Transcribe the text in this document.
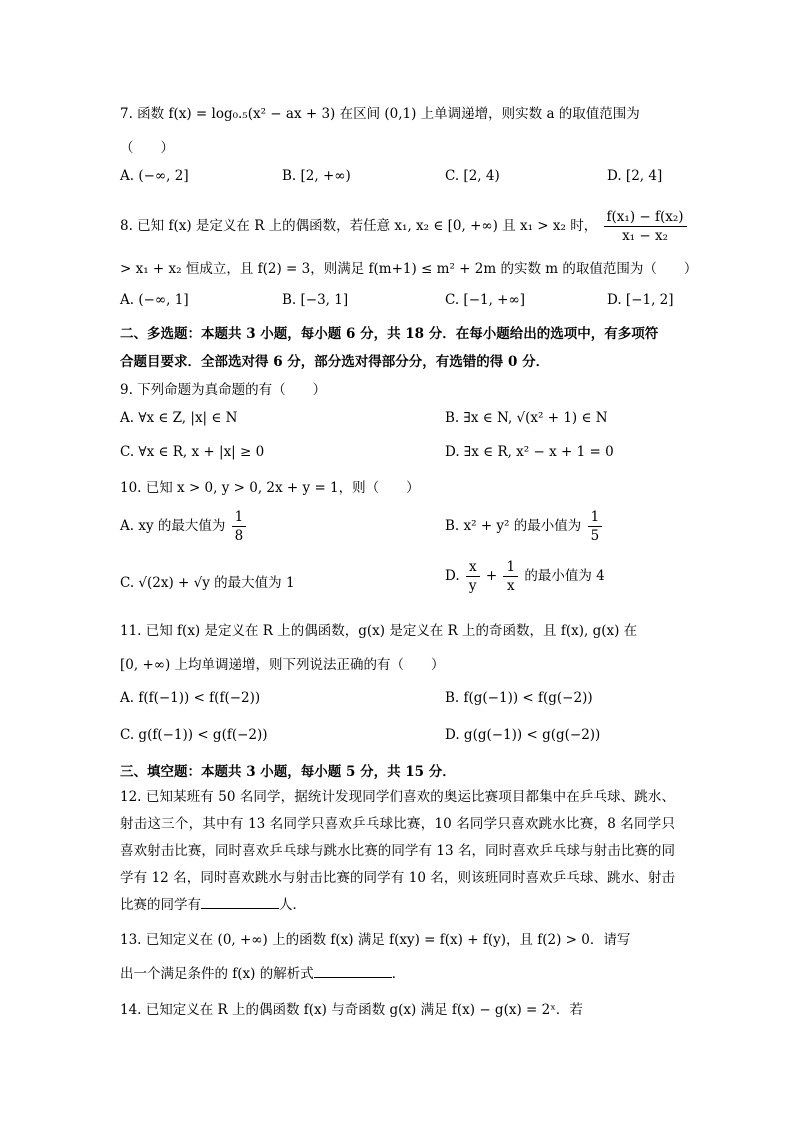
7. 函数 f(x) = log₀.₅(x² − ax + 3) 在区间 (0,1) 上单调递增，则实数 a 的取值范围为
（　　）
A. (−∞, 2]	B. [2, +∞)	C. [2, 4)	D. [2, 4]
8. 已知 f(x) 是定义在 R 上的偶函数，若任意 x₁, x₂ ∈ [0, +∞) 且 x₁ > x₂ 时， $\frac{\text{f(x₁) − f(x₂)}}{\text{x₁ − x₂}}$
> x₁ + x₂ 恒成立，且 f(2) = 3，则满足 f(m+1) ≤ m² + 2m 的实数 m 的取值范围为（　　）
A. (−∞, 1]	B. [−3, 1]	C. [−1, +∞]	D. [−1, 2]
二、多选题：本题共 3 小题，每小题 6 分，共 18 分．在每小题给出的选项中，有多项符
合题目要求．全部选对得 6 分，部分选对得部分分，有选错的得 0 分．
9. 下列命题为真命题的有（　　）
A. ∀x ∈ Z, |x| ∈ N	B. ∃x ∈ N, √(x² + 1) ∈ N
C. ∀x ∈ R, x + |x| ≥ 0	D. ∃x ∈ R, x² − x + 1 = 0
10. 已知 x > 0, y > 0, 2x + y = 1，则（　　）
A. xy 的最大值为 $\frac{1}{8}$	B. x² + y² 的最小值为 $\frac{1}{5}$
C. √(2x) + √y 的最大值为 1	D. $\frac{x}{y} + \frac{1}{x}$ 的最小值为 4
11. 已知 f(x) 是定义在 R 上的偶函数，g(x) 是定义在 R 上的奇函数，且 f(x), g(x) 在
[0, +∞) 上均单调递增，则下列说法正确的有（　　）
A. f(f(−1)) < f(f(−2))	B. f(g(−1)) < f(g(−2))
C. g(f(−1)) < g(f(−2))	D. g(g(−1)) < g(g(−2))
三、填空题：本题共 3 小题，每小题 5 分，共 15 分．
12. 已知某班有 50 名同学，据统计发现同学们喜欢的奥运比赛项目都集中在乒乓球、跳水、射击这三个，其中有 13 名同学只喜欢乒乓球比赛，10 名同学只喜欢跳水比赛，8 名同学只喜欢射击比赛，同时喜欢乒乓球与跳水比赛的同学有 13 名，同时喜欢乒乓球与射击比赛的同学有 12 名，同时喜欢跳水与射击比赛的同学有 10 名，则该班同时喜欢乒乓球、跳水、射击比赛的同学有	人．
13. 已知定义在 (0, +∞) 上的函数 f(x) 满足 f(xy) = f(x) + f(y)，且 f(2) > 0．请写
出一个满足条件的 f(x) 的解析式	．
14. 已知定义在 R 上的偶函数 f(x) 与奇函数 g(x) 满足 f(x) − g(x) = 2ˣ．若
